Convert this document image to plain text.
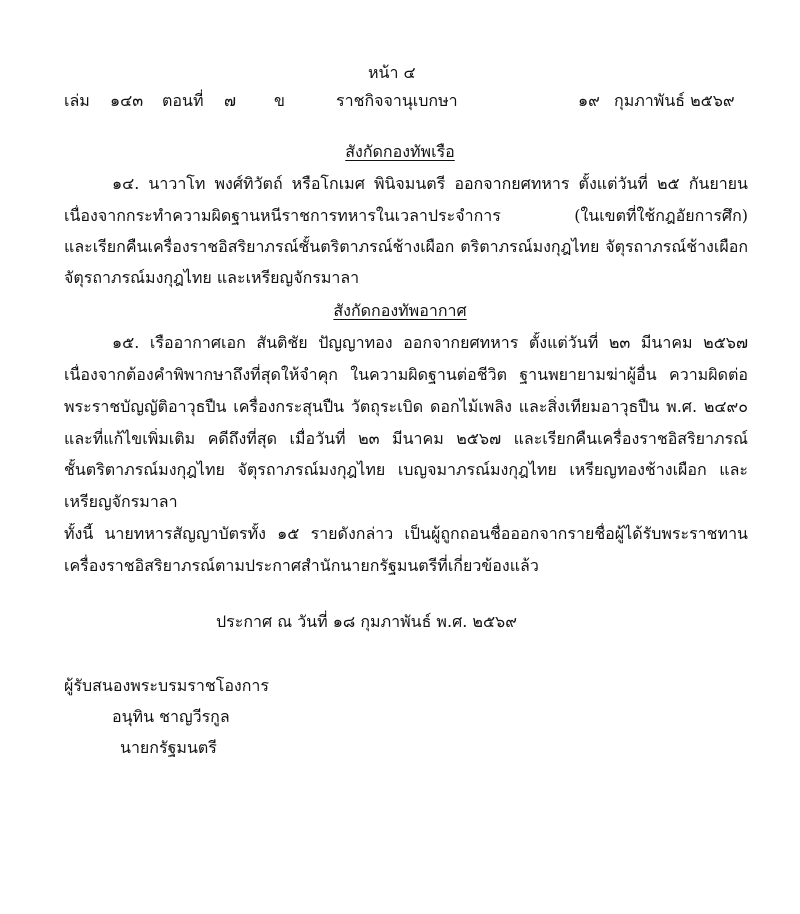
หน้า ๔
เล่ม ๑๔๓ ตอนที่ ๗ ข	ราชกิจจานุเบกษา	๑๙ กุมภาพันธ์ ๒๕๖๙
สังกัดกองทัพเรือ
๑๔. นาวาโท พงศ์ทิวัตถ์ หรือโกเมศ พินิจมนตรี ออกจากยศทหาร ตั้งแต่วันที่ ๒๕ กันยายน
เนื่องจากกระทำความผิดฐานหนีราชการทหารในเวลาประจำการ (ในเขตที่ใช้กฎอัยการศึก)
และเรียกคืนเครื่องราชอิสริยาภรณ์ชั้นตริตาภรณ์ช้างเผือก ตริตาภรณ์มงกุฎไทย จัตุรถาภรณ์ช้างเผือก
จัตุรถาภรณ์มงกุฎไทย และเหรียญจักรมาลา
สังกัดกองทัพอากาศ
๑๕. เรืออากาศเอก สันติชัย ปัญญาทอง ออกจากยศทหาร ตั้งแต่วันที่ ๒๓ มีนาคม ๒๕๖๗
เนื่องจากต้องคำพิพากษาถึงที่สุดให้จำคุก ในความผิดฐานต่อชีวิต ฐานพยายามฆ่าผู้อื่น ความผิดต่อ
พระราชบัญญัติอาวุธปืน เครื่องกระสุนปืน วัตถุระเบิด ดอกไม้เพลิง และสิ่งเทียมอาวุธปืน พ.ศ. ๒๔๙๐
และที่แก้ไขเพิ่มเติม คดีถึงที่สุด เมื่อวันที่ ๒๓ มีนาคม ๒๕๖๗ และเรียกคืนเครื่องราชอิสริยาภรณ์
ชั้นตริตาภรณ์มงกุฎไทย จัตุรถาภรณ์มงกุฎไทย เบญจมาภรณ์มงกุฎไทย เหรียญทองช้างเผือก และ
เหรียญจักรมาลา
ทั้งนี้ นายทหารสัญญาบัตรทั้ง ๑๕ รายดังกล่าว เป็นผู้ถูกถอนชื่อออกจากรายชื่อผู้ได้รับพระราชทาน
เครื่องราชอิสริยาภรณ์ตามประกาศสำนักนายกรัฐมนตรีที่เกี่ยวข้องแล้ว
ประกาศ ณ วันที่ ๑๘ กุมภาพันธ์ พ.ศ. ๒๕๖๙
ผู้รับสนองพระบรมราชโองการ
อนุทิน ชาญวีรกูล
นายกรัฐมนตรี
